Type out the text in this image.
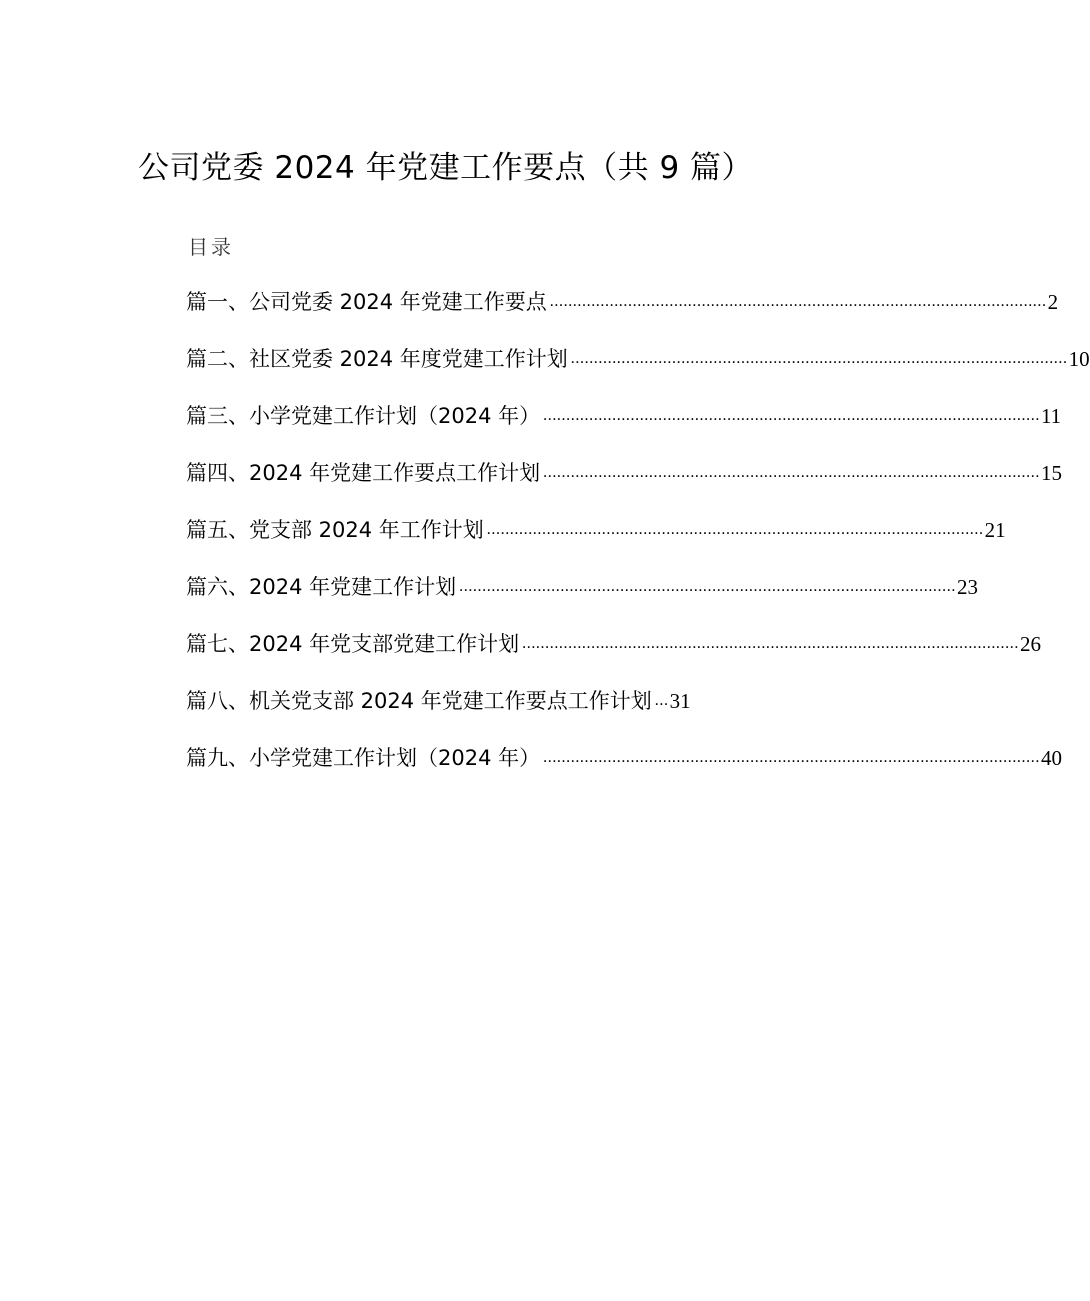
公司党委 2024 年党建工作要点（共 9 篇）
目录
篇一、公司党委 2024 年党建工作要点 ............................................................................................................ 2
篇二、社区党委 2024 年度党建工作计划 ............................................................................................................ 10
篇三、小学党建工作计划（2024 年） ............................................................................................................ 11
篇四、2024 年党建工作要点工作计划 ............................................................................................................ 15
篇五、党支部 2024 年工作计划 ............................................................................................................ 21
篇六、2024 年党建工作计划 ............................................................................................................ 23
篇七、2024 年党支部党建工作计划 ............................................................................................................ 26
篇八、机关党支部 2024 年党建工作要点工作计划 ... 31
篇九、小学党建工作计划（2024 年） ............................................................................................................ 40
